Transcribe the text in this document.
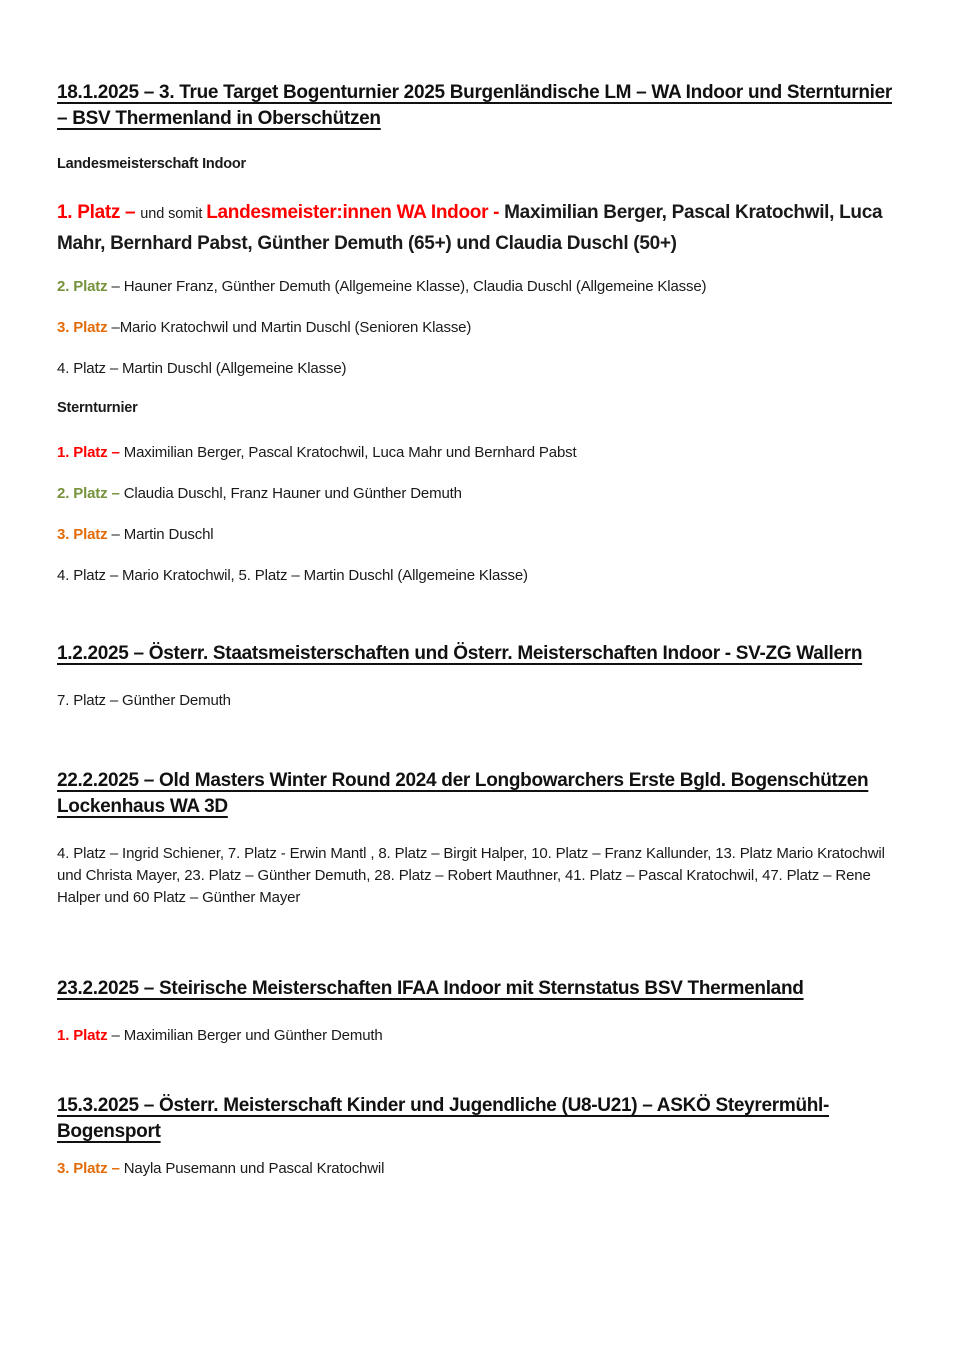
18.1.2025 – 3. True Target Bogenturnier 2025 Burgenländische LM – WA Indoor und Sternturnier – BSV Thermenland in Oberschützen

Landesmeisterschaft Indoor

1. Platz – und somit Landesmeister:innen WA Indoor - Maximilian Berger, Pascal Kratochwil, Luca Mahr, Bernhard Pabst, Günther Demuth (65+) und Claudia Duschl (50+)

2. Platz – Hauner Franz, Günther Demuth (Allgemeine Klasse), Claudia Duschl (Allgemeine Klasse)

3. Platz –Mario Kratochwil und Martin Duschl (Senioren Klasse)

4. Platz – Martin Duschl (Allgemeine Klasse)

Sternturnier

1. Platz – Maximilian Berger, Pascal Kratochwil, Luca Mahr und Bernhard Pabst

2. Platz – Claudia Duschl, Franz Hauner und Günther Demuth

3. Platz – Martin Duschl

4. Platz – Mario Kratochwil, 5. Platz – Martin Duschl (Allgemeine Klasse)

1.2.2025 – Österr. Staatsmeisterschaften und Österr. Meisterschaften Indoor - SV-ZG Wallern

7. Platz – Günther Demuth

22.2.2025 – Old Masters Winter Round 2024 der Longbowarchers Erste Bgld. Bogenschützen Lockenhaus WA 3D

4. Platz – Ingrid Schiener, 7. Platz - Erwin Mantl , 8. Platz – Birgit Halper, 10. Platz – Franz Kallunder, 13. Platz Mario Kratochwil und Christa Mayer, 23. Platz – Günther Demuth, 28. Platz – Robert Mauthner, 41. Platz – Pascal Kratochwil, 47. Platz – Rene Halper und 60 Platz – Günther Mayer

23.2.2025 – Steirische Meisterschaften IFAA Indoor mit Sternstatus BSV Thermenland

1. Platz – Maximilian Berger und Günther Demuth

15.3.2025 – Österr. Meisterschaft Kinder und Jugendliche (U8-U21) – ASKÖ Steyrermühl-Bogensport

3. Platz – Nayla Pusemann und Pascal Kratochwil
